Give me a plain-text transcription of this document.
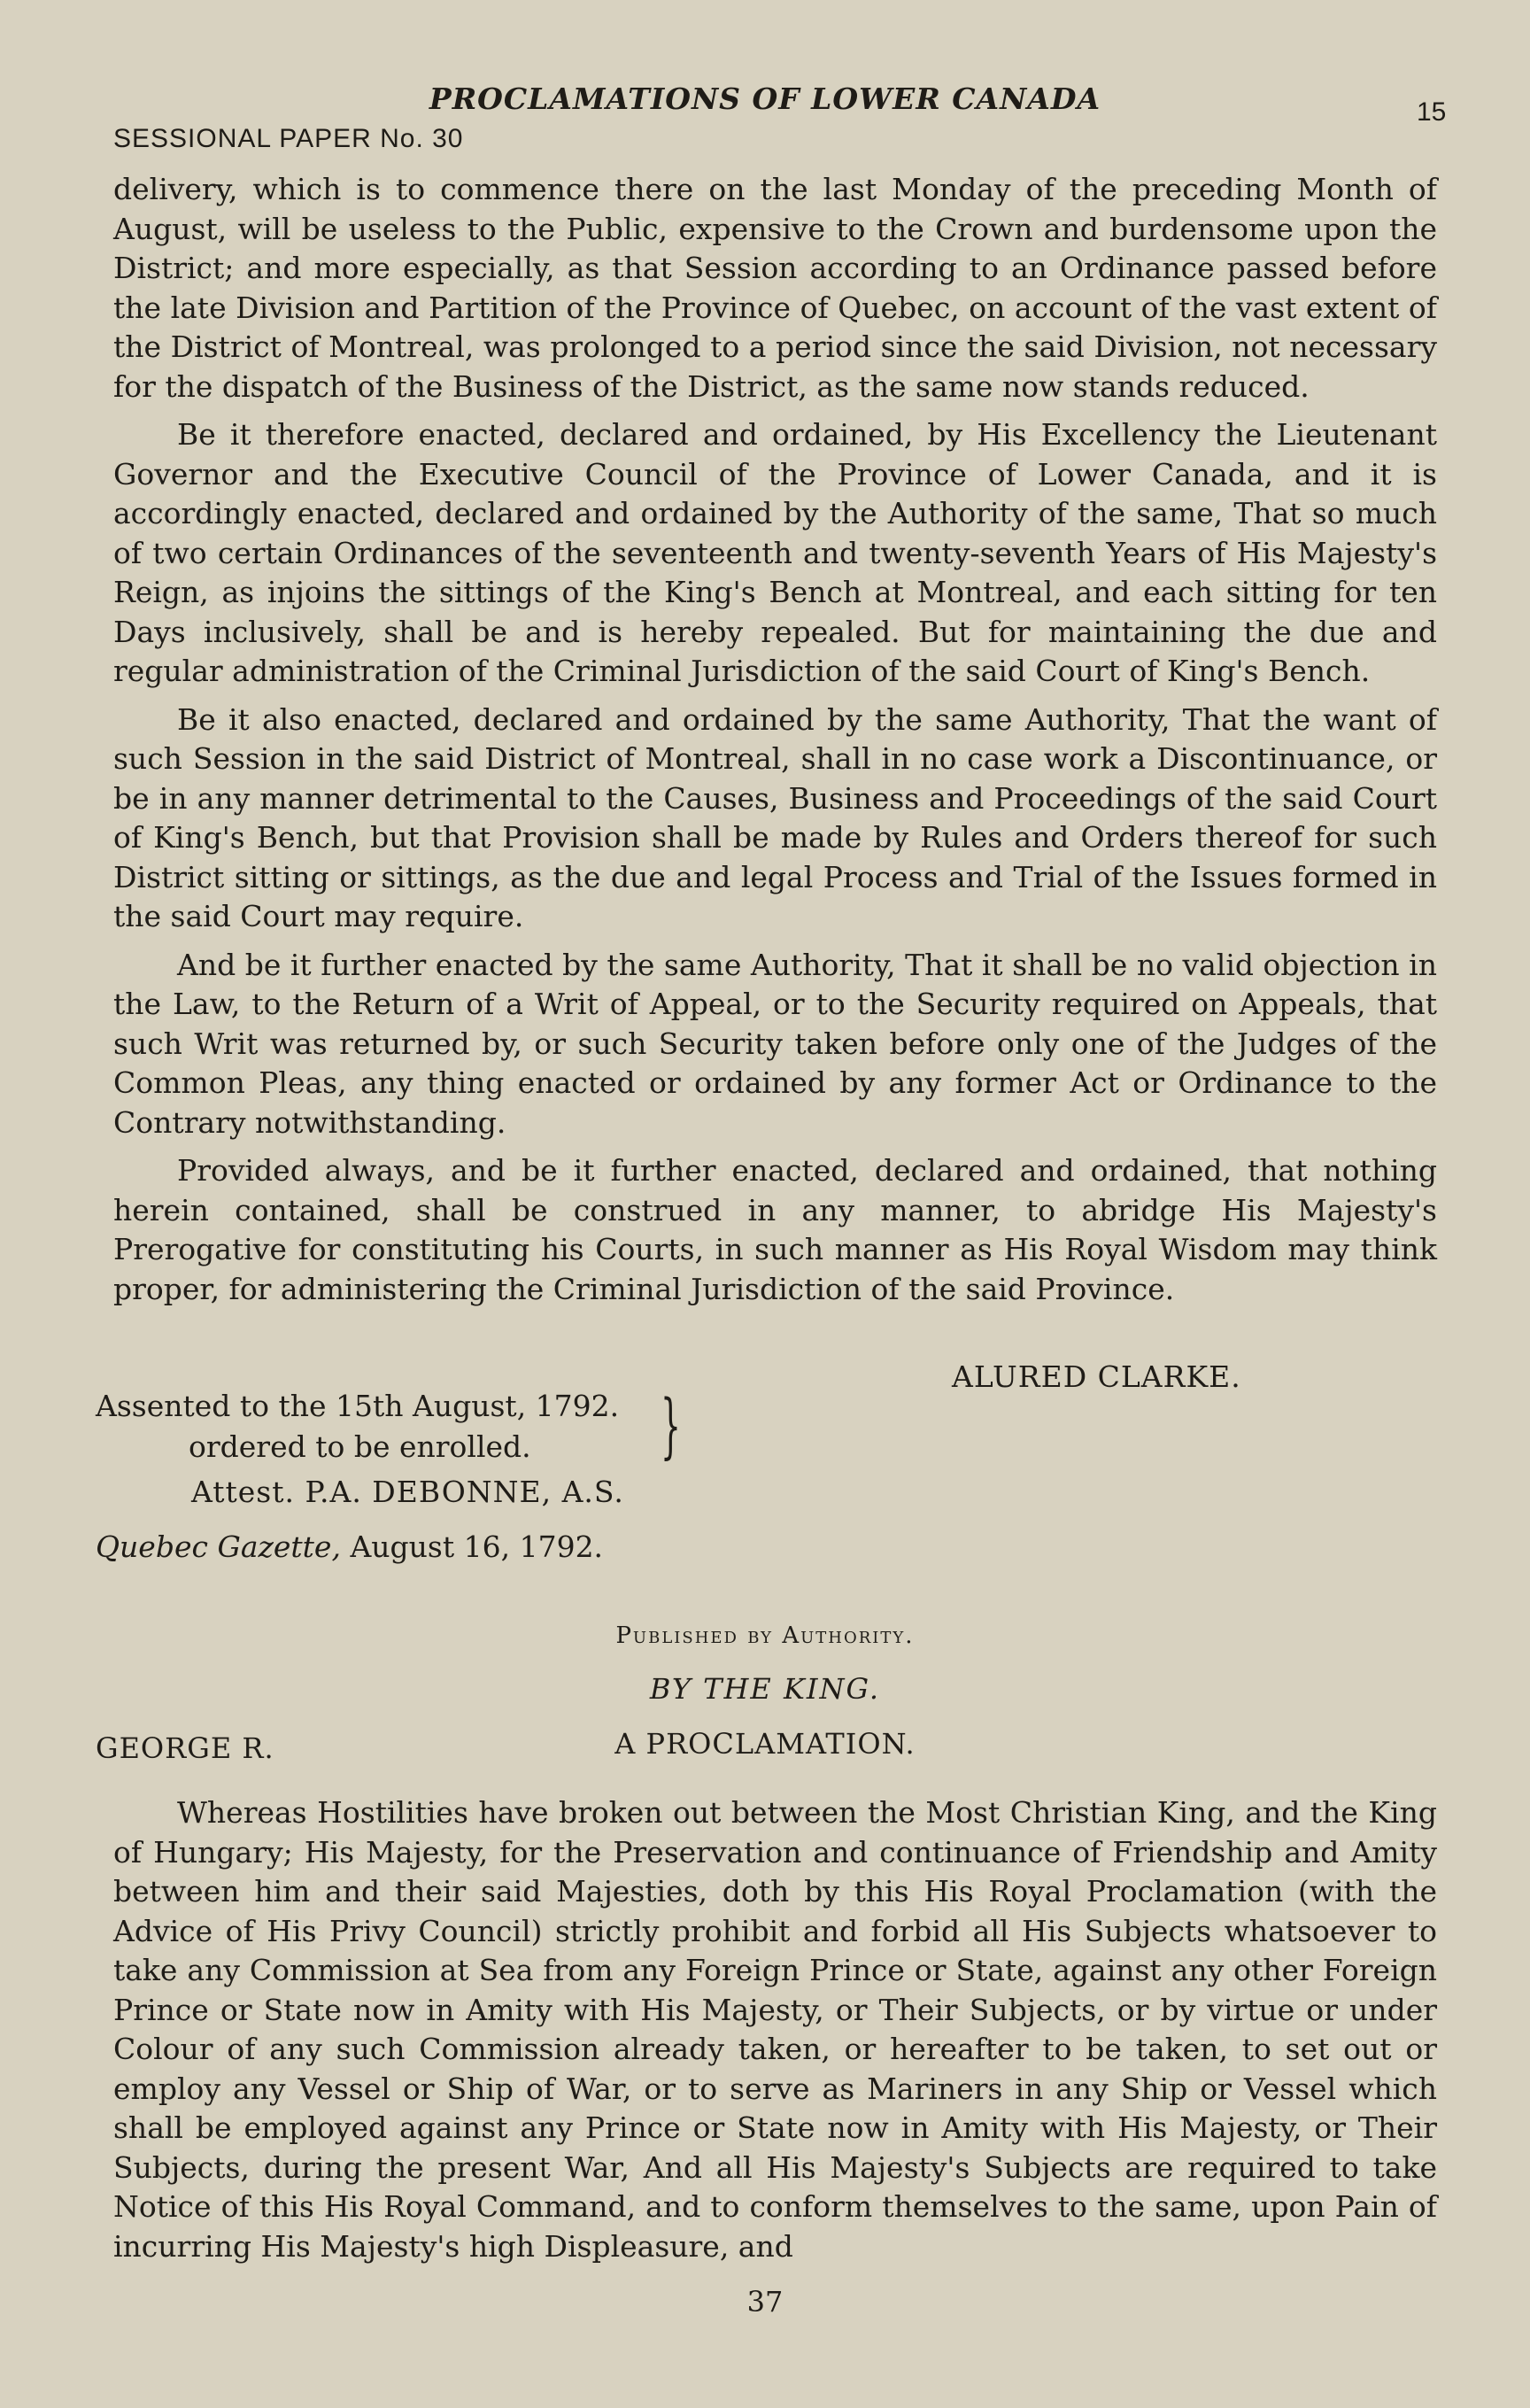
PROCLAMATIONS OF LOWER CANADA	15
SESSIONAL PAPER No. 30

delivery, which is to commence there on the last Monday of the preceding Month of August, will be useless to the Public, expensive to the Crown and burdensome upon the District; and more especially, as that Session according to an Ordinance passed before the late Division and Partition of the Province of Quebec, on account of the vast extent of the District of Montreal, was prolonged to a period since the said Division, not necessary for the dispatch of the Business of the District, as the same now stands reduced.

Be it therefore enacted, declared and ordained, by His Excellency the Lieutenant Governor and the Executive Council of the Province of Lower Canada, and it is accordingly enacted, declared and ordained by the Authority of the same, That so much of two certain Ordinances of the seventeenth and twenty-seventh Years of His Majesty's Reign, as injoins the sittings of the King's Bench at Montreal, and each sitting for ten Days inclusively, shall be and is hereby repealed. But for maintaining the due and regular administration of the Criminal Jurisdiction of the said Court of King's Bench.

Be it also enacted, declared and ordained by the same Authority, That the want of such Session in the said District of Montreal, shall in no case work a Discontinuance, or be in any manner detrimental to the Causes, Business and Proceedings of the said Court of King's Bench, but that Provision shall be made by Rules and Orders thereof for such District sitting or sittings, as the due and legal Process and Trial of the Issues formed in the said Court may require.

And be it further enacted by the same Authority, That it shall be no valid objection in the Law, to the Return of a Writ of Appeal, or to the Security required on Appeals, that such Writ was returned by, or such Security taken before only one of the Judges of the Common Pleas, any thing enacted or ordained by any former Act or Ordinance to the Contrary notwithstanding.

Provided always, and be it further enacted, declared and ordained, that nothing herein contained, shall be construed in any manner, to abridge His Majesty's Prerogative for constituting his Courts, in such manner as His Royal Wisdom may think proper, for administering the Criminal Jurisdiction of the said Province.

ALURED CLARKE.
Assented to the 15th August, 1792.
ordered to be enrolled.	}
Attest. P.A. DEBONNE, A.S.
Quebec Gazette, August 16, 1792.
Published by Authority.
BY THE KING.
A PROCLAMATION.
GEORGE R.

Whereas Hostilities have broken out between the Most Christian King, and the King of Hungary; His Majesty, for the Preservation and continuance of Friendship and Amity between him and their said Majesties, doth by this His Royal Proclamation (with the Advice of His Privy Council) strictly prohibit and forbid all His Subjects whatsoever to take any Commission at Sea from any Foreign Prince or State, against any other Foreign Prince or State now in Amity with His Majesty, or Their Subjects, or by virtue or under Colour of any such Commission already taken, or hereafter to be taken, to set out or employ any Vessel or Ship of War, or to serve as Mariners in any Ship or Vessel which shall be employed against any Prince or State now in Amity with His Majesty, or Their Subjects, during the present War, And all His Majesty's Subjects are required to take Notice of this His Royal Command, and to conform themselves to the same, upon Pain of incurring His Majesty's high Displeasure, and

37
